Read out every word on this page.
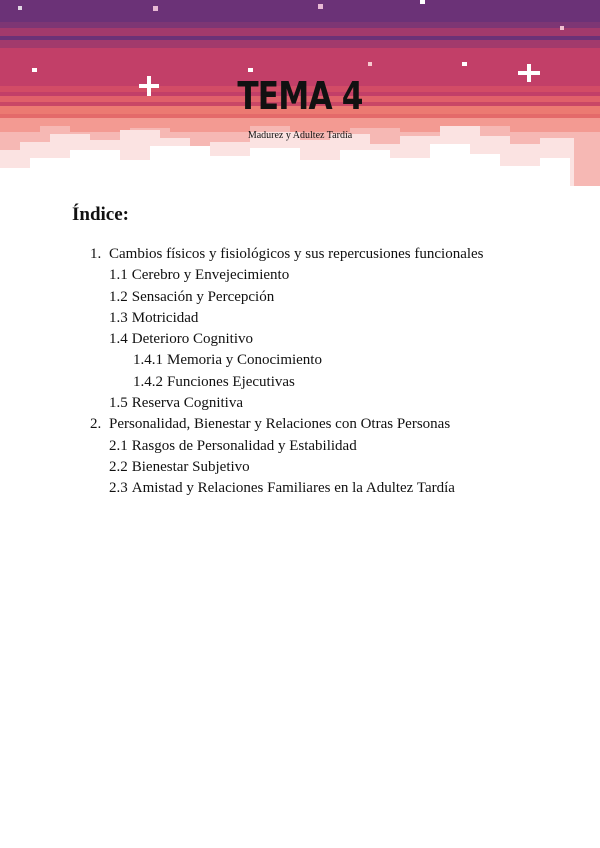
TEMA 4
Madurez y Adultez Tardía
Índice:
1. Cambios físicos y fisiológicos y sus repercusiones funcionales
1.1 Cerebro y Envejecimiento
1.2 Sensación y Percepción
1.3 Motricidad
1.4 Deterioro Cognitivo
1.4.1 Memoria y Conocimiento
1.4.2 Funciones Ejecutivas
1.5 Reserva Cognitiva
2. Personalidad, Bienestar y Relaciones con Otras Personas
2.1 Rasgos de Personalidad y Estabilidad
2.2 Bienestar Subjetivo
2.3 Amistad y Relaciones Familiares en la Adultez Tardía
